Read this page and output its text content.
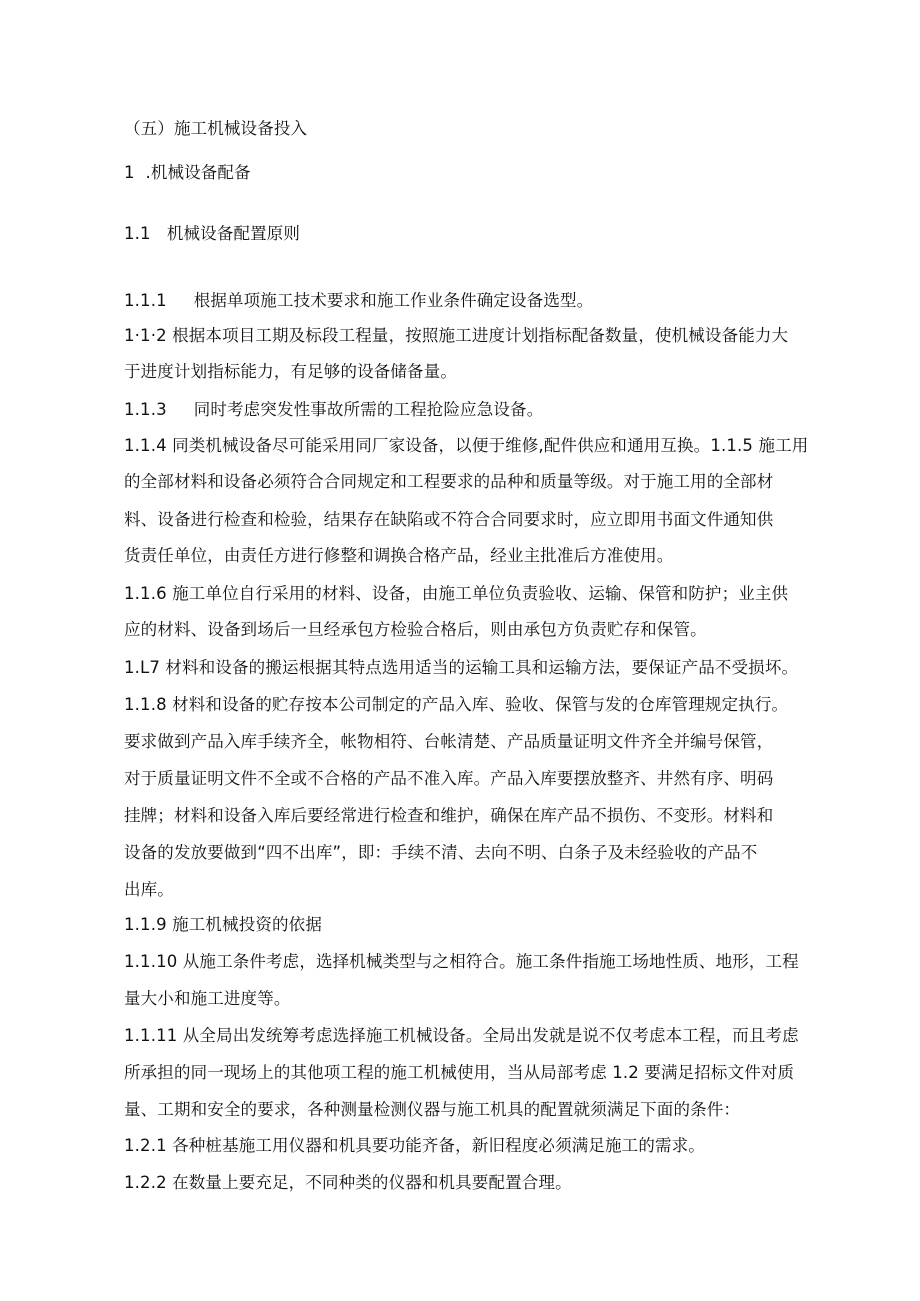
（五）施工机械设备投入
1  .机械设备配备
1.1   机械设备配置原则
1.1.1     根据单项施工技术要求和施工作业条件确定设备选型。
1·1·2 根据本项目工期及标段工程量，按照施工进度计划指标配备数量，使机械设备能力大
于进度计划指标能力，有足够的设备储备量。
1.1.3     同时考虑突发性事故所需的工程抢险应急设备。
1.1.4 同类机械设备尽可能采用同厂家设备，以便于维修,配件供应和通用互换。1.1.5 施工用
的全部材料和设备必须符合合同规定和工程要求的品种和质量等级。对于施工用的全部材
料、设备进行检查和检验，结果存在缺陷或不符合合同要求时，应立即用书面文件通知供
货责任单位，由责任方进行修整和调换合格产品，经业主批准后方准使用。
1.1.6 施工单位自行采用的材料、设备，由施工单位负责验收、运输、保管和防护；业主供
应的材料、设备到场后一旦经承包方检验合格后，则由承包方负责贮存和保管。
1.L7 材料和设备的搬运根据其特点选用适当的运输工具和运输方法，要保证产品不受损坏。
1.1.8 材料和设备的贮存按本公司制定的产品入库、验收、保管与发的仓库管理规定执行。
要求做到产品入库手续齐全，帐物相符、台帐清楚、产品质量证明文件齐全并编号保管，
对于质量证明文件不全或不合格的产品不准入库。产品入库要摆放整齐、井然有序、明码
挂牌；材料和设备入库后要经常进行检查和维护，确保在库产品不损伤、不变形。材料和
设备的发放要做到“四不出库”，即：手续不清、去向不明、白条子及未经验收的产品不
出库。
1.1.9 施工机械投资的依据
1.1.10 从施工条件考虑，选择机械类型与之相符合。施工条件指施工场地性质、地形，工程
量大小和施工进度等。
1.1.11 从全局出发统筹考虑选择施工机械设备。全局出发就是说不仅考虑本工程，而且考虑
所承担的同一现场上的其他项工程的施工机械使用，当从局部考虑 1.2 要满足招标文件对质
量、工期和安全的要求，各种测量检测仪器与施工机具的配置就须满足下面的条件：
1.2.1 各种桩基施工用仪器和机具要功能齐备，新旧程度必须满足施工的需求。
1.2.2 在数量上要充足，不同种类的仪器和机具要配置合理。
